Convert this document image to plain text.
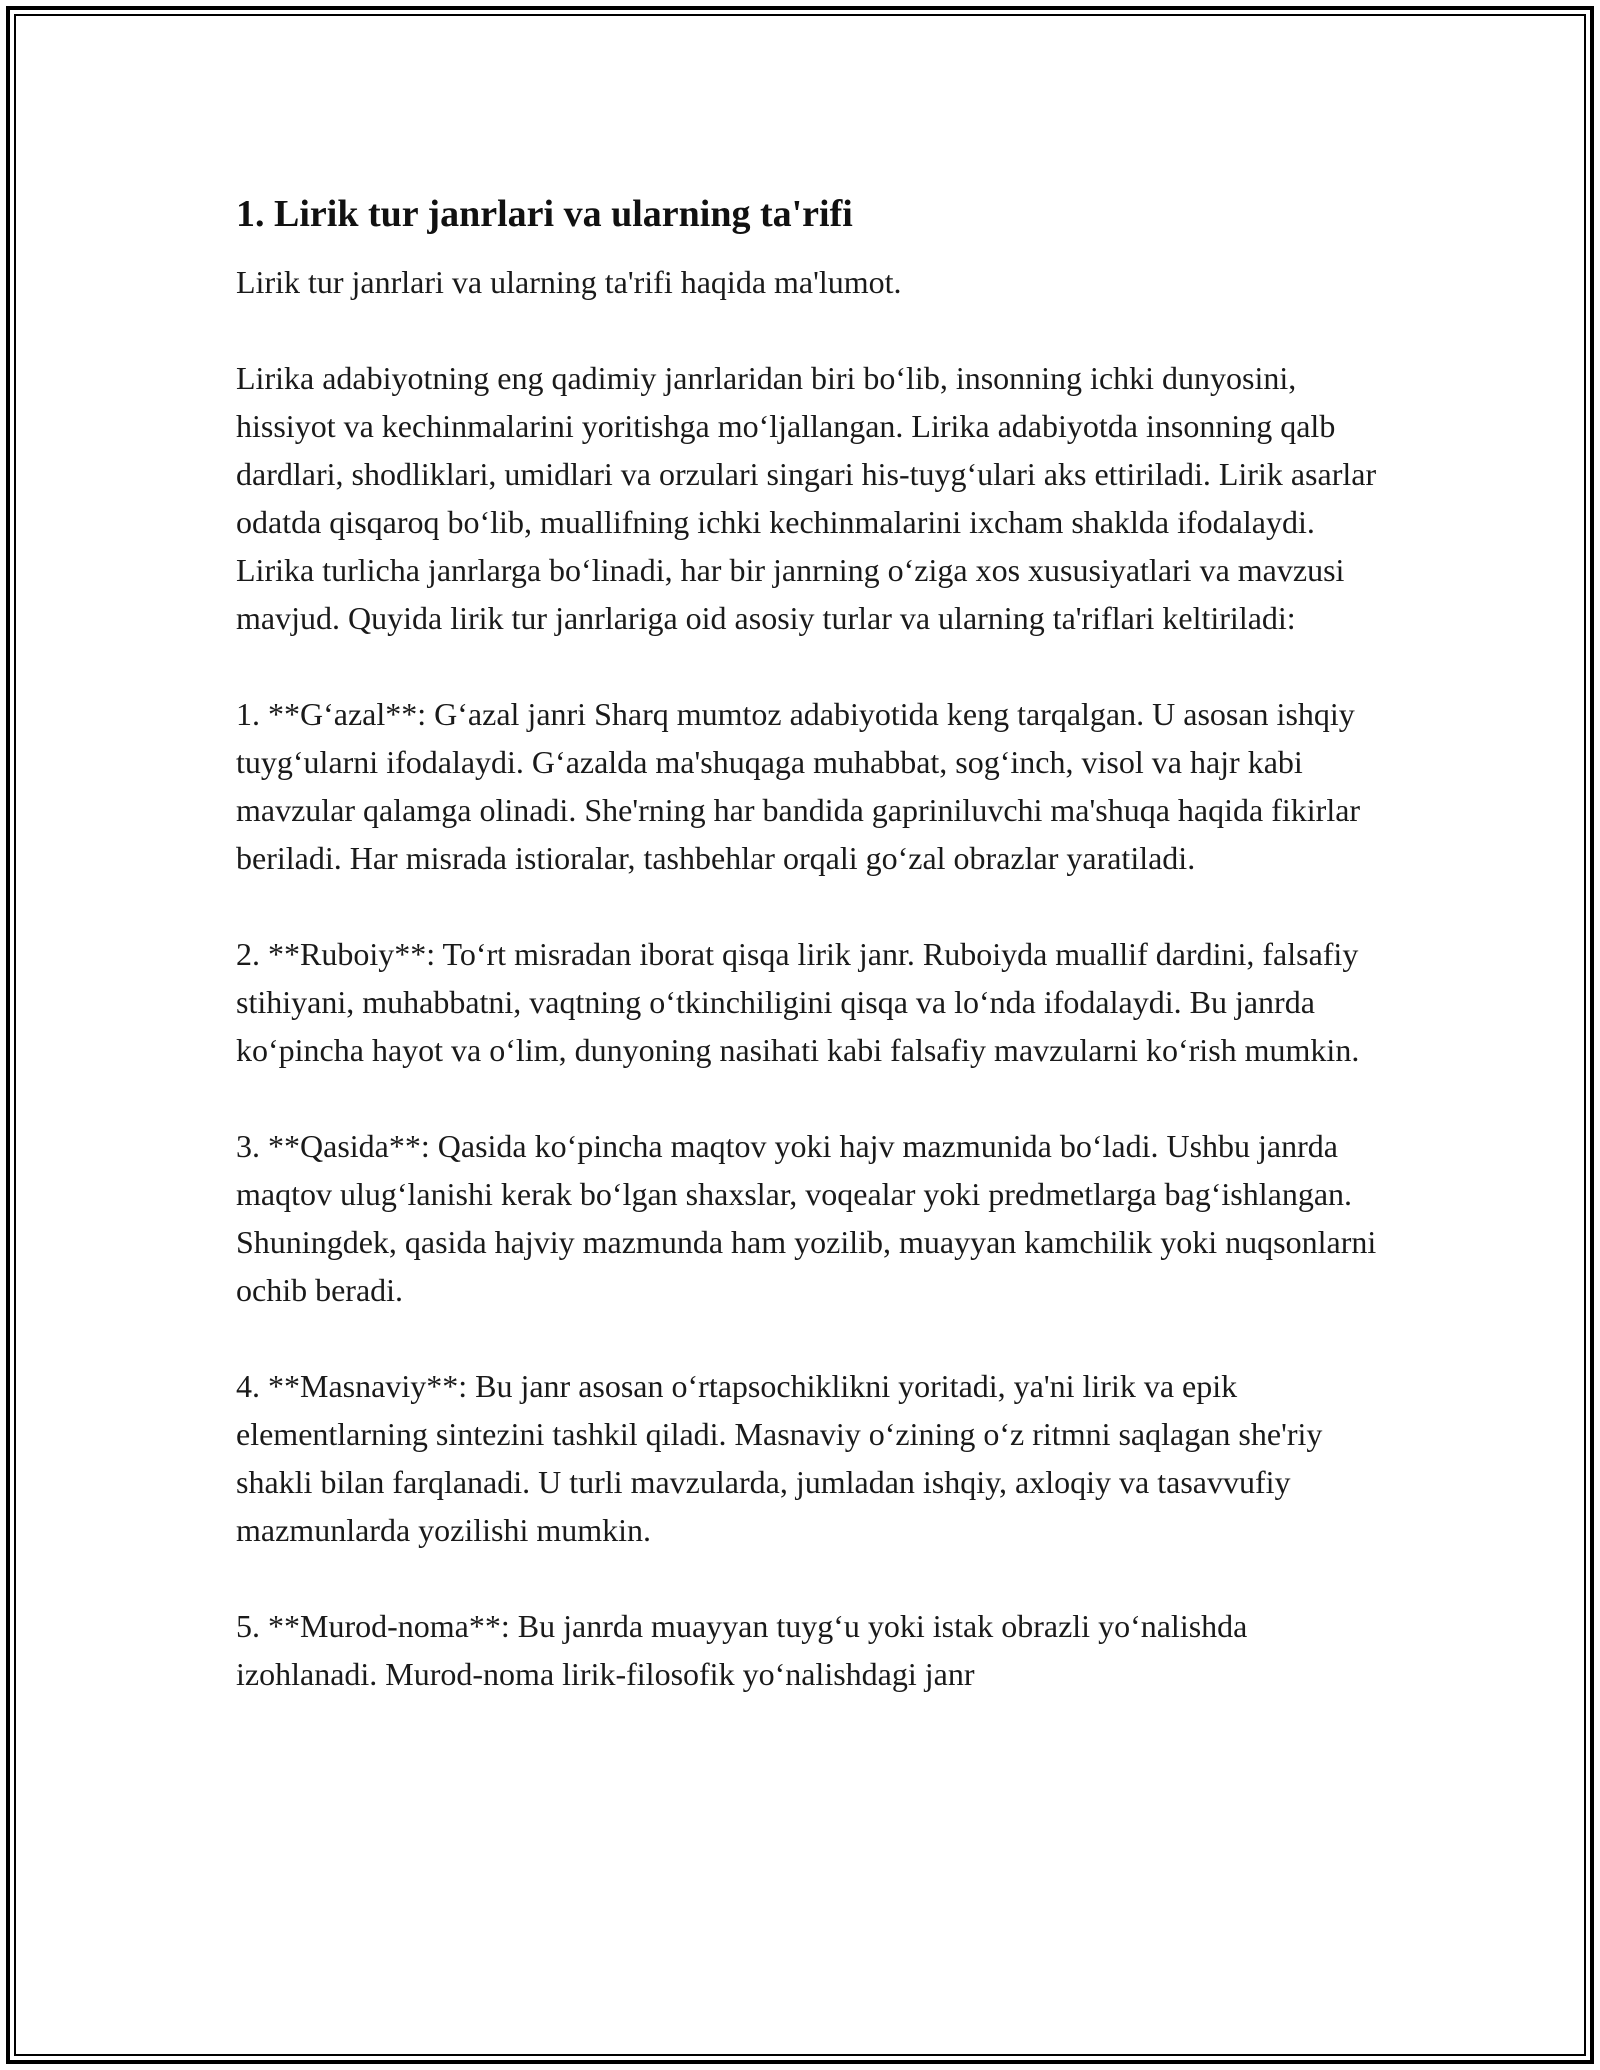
1. Lirik tur janrlari va ularning ta'rifi

Lirik tur janrlari va ularning ta'rifi haqida ma'lumot.

Lirika adabiyotning eng qadimiy janrlaridan biri bo‘lib, insonning ichki dunyosini, hissiyot va kechinmalarini yoritishga mo‘ljallangan. Lirika adabiyotda insonning qalb dardlari, shodliklari, umidlari va orzulari singari his-tuyg‘ulari aks ettiriladi. Lirik asarlar odatda qisqaroq bo‘lib, muallifning ichki kechinmalarini ixcham shaklda ifodalaydi. Lirika turlicha janrlarga bo‘linadi, har bir janrning o‘ziga xos xususiyatlari va mavzusi mavjud. Quyida lirik tur janrlariga oid asosiy turlar va ularning ta'riflari keltiriladi:

1. **G‘azal**: G‘azal janri Sharq mumtoz adabiyotida keng tarqalgan. U asosan ishqiy tuyg‘ularni ifodalaydi. G‘azalda ma'shuqaga muhabbat, sog‘inch, visol va hajr kabi mavzular qalamga olinadi. She'rning har bandida gapriniluvchi ma'shuqa haqida fikirlar beriladi. Har misrada istioralar, tashbehlar orqali go‘zal obrazlar yaratiladi.

2. **Ruboiy**: To‘rt misradan iborat qisqa lirik janr. Ruboiyda muallif dardini, falsafiy stihiyani, muhabbatni, vaqtning o‘tkinchiligini qisqa va lo‘nda ifodalaydi. Bu janrda ko‘pincha hayot va o‘lim, dunyoning nasihati kabi falsafiy mavzularni ko‘rish mumkin.

3. **Qasida**: Qasida ko‘pincha maqtov yoki hajv mazmunida bo‘ladi. Ushbu janrda maqtov ulug‘lanishi kerak bo‘lgan shaxslar, voqealar yoki predmetlarga bag‘ishlangan. Shuningdek, qasida hajviy mazmunda ham yozilib, muayyan kamchilik yoki nuqsonlarni ochib beradi.

4. **Masnaviy**: Bu janr asosan o‘rtapsochiklikni yoritadi, ya'ni lirik va epik elementlarning sintezini tashkil qiladi. Masnaviy o‘zining o‘z ritmni saqlagan she'riy shakli bilan farqlanadi. U turli mavzularda, jumladan ishqiy, axloqiy va tasavvufiy mazmunlarda yozilishi mumkin.

5. **Murod-noma**: Bu janrda muayyan tuyg‘u yoki istak obrazli yo‘nalishda izohlanadi. Murod-noma lirik-filosofik yo‘nalishdagi janr
